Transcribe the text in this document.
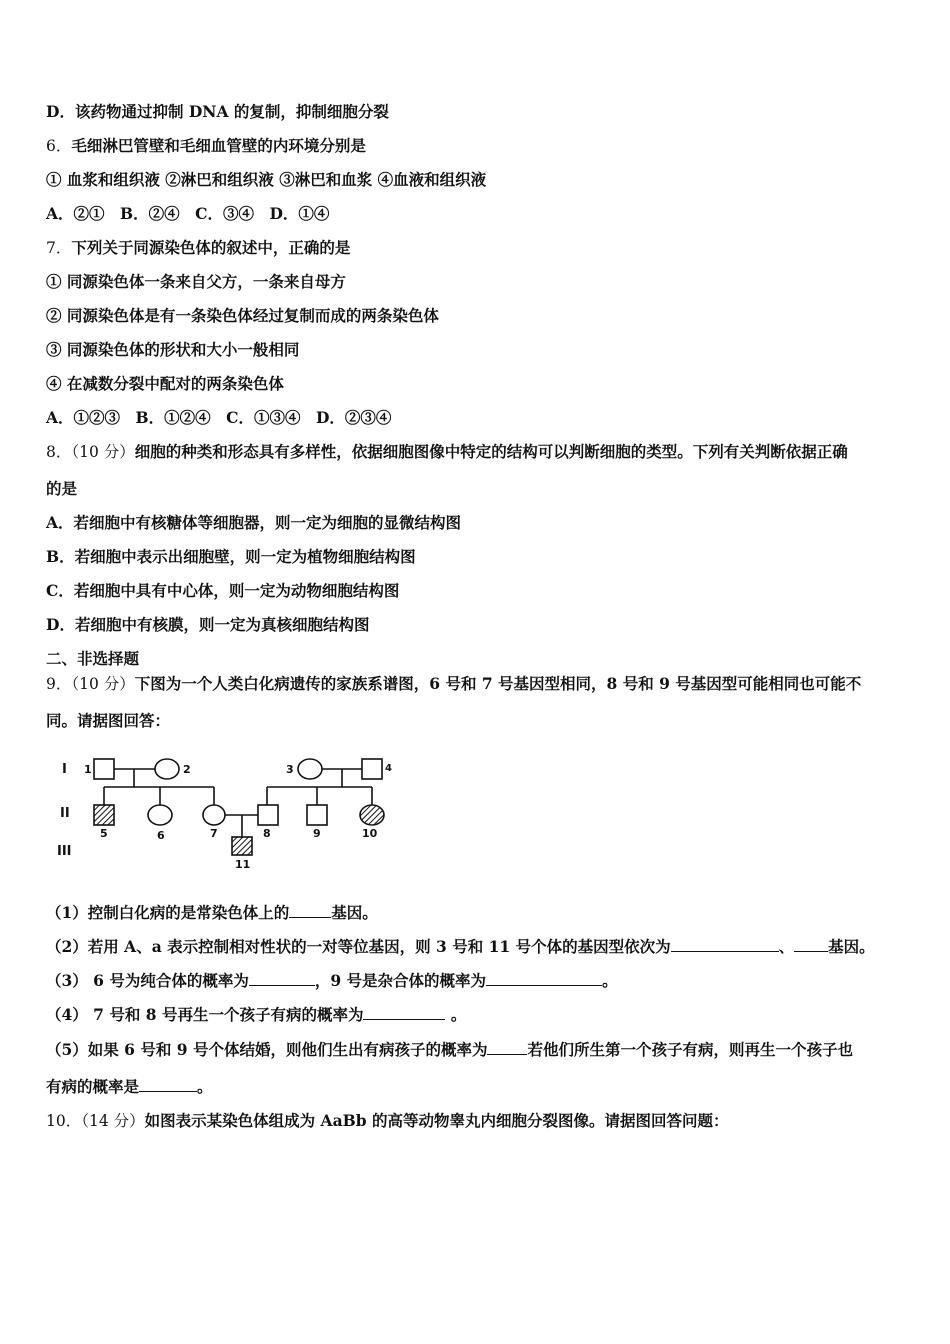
D．该药物通过抑制 DNA 的复制，抑制细胞分裂
6．毛细淋巴管壁和毛细血管壁的内环境分别是
① 血浆和组织液 ②淋巴和组织液 ③淋巴和血浆 ④血液和组织液
A．②①　B．②④　C．③④　D．①④
7．下列关于同源染色体的叙述中，正确的是
① 同源染色体一条来自父方，一条来自母方
② 同源染色体是有一条染色体经过复制而成的两条染色体
③ 同源染色体的形状和大小一般相同
④ 在减数分裂中配对的两条染色体
A．①②③　B．①②④　C．①③④　D．②③④
8．（10 分）细胞的种类和形态具有多样性，依据细胞图像中特定的结构可以判断细胞的类型。下列有关判断依据正确
的是
A．若细胞中有核糖体等细胞器，则一定为细胞的显微结构图
B．若细胞中表示出细胞壁，则一定为植物细胞结构图
C．若细胞中具有中心体，则一定为动物细胞结构图
D．若细胞中有核膜，则一定为真核细胞结构图
二、非选择题
9．（10 分）下图为一个人类白化病遗传的家族系谱图，6 号和 7 号基因型相同，8 号和 9 号基因型可能相同也可能不
同。请据图回答：
I
II
III
1	2	3	4
5	6	7	8	9	10
11
（1）控制白化病的是常染色体上的	基因。
（2）若用 A、a 表示控制相对性状的一对等位基因，则 3 号和 11 号个体的基因型依次为	、 基因。
（3） 6 号为纯合体的概率为	，9 号是杂合体的概率为	。
（4） 7 号和 8 号再生一个孩子有病的概率为	。
（5）如果 6 号和 9 号个体结婚，则他们生出有病孩子的概率为	若他们所生第一个孩子有病，则再生一个孩子也
有病的概率是	。
10．（14 分）如图表示某染色体组成为 AaBb 的高等动物睾丸内细胞分裂图像。请据图回答问题：
